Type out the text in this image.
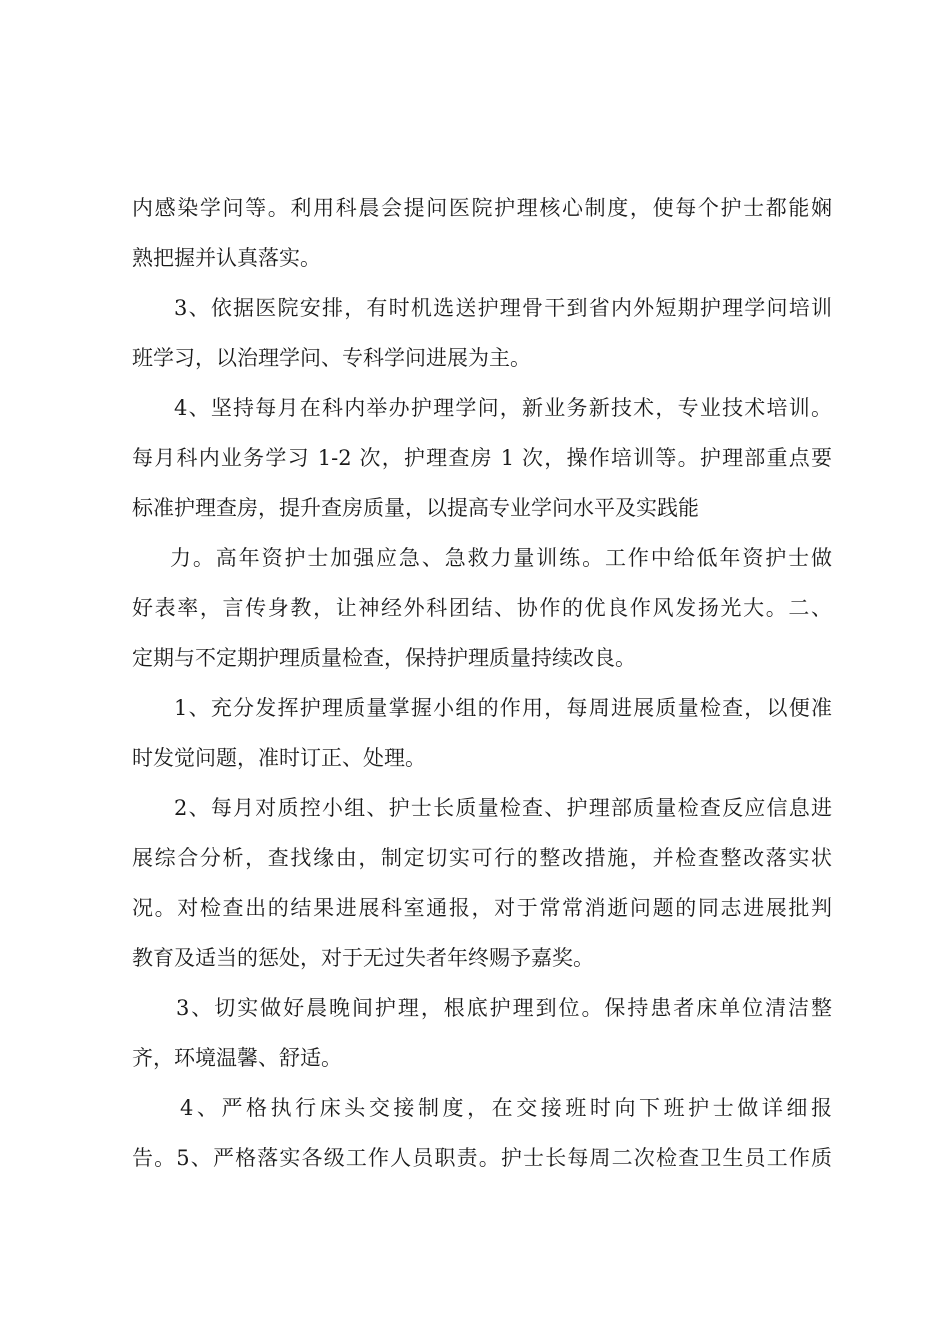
内感染学问等。利用科晨会提问医院护理核心制度，使每个护士都能娴
熟把握并认真落实。
3、依据医院安排，有时机选送护理骨干到省内外短期护理学问培训
班学习，以治理学问、专科学问进展为主。
4、坚持每月在科内举办护理学问，新业务新技术，专业技术培训。
每月科内业务学习 1-2 次，护理查房 1 次，操作培训等。护理部重点要
标准护理查房，提升查房质量，以提高专业学问水平及实践能
力。高年资护士加强应急、急救力量训练。工作中给低年资护士做
好表率，言传身教，让神经外科团结、协作的优良作风发扬光大。二、
定期与不定期护理质量检查，保持护理质量持续改良。
1、充分发挥护理质量掌握小组的作用，每周进展质量检查，以便准
时发觉问题，准时订正、处理。
2、每月对质控小组、护士长质量检查、护理部质量检查反应信息进
展综合分析，查找缘由，制定切实可行的整改措施，并检查整改落实状
况。对检查出的结果进展科室通报，对于常常消逝问题的同志进展批判
教育及适当的惩处，对于无过失者年终赐予嘉奖。
3、切实做好晨晚间护理，根底护理到位。保持患者床单位清洁整
齐，环境温馨、舒适。
4、严格执行床头交接制度，在交接班时向下班护士做详细报
告。5、严格落实各级工作人员职责。护士长每周二次检查卫生员工作质
